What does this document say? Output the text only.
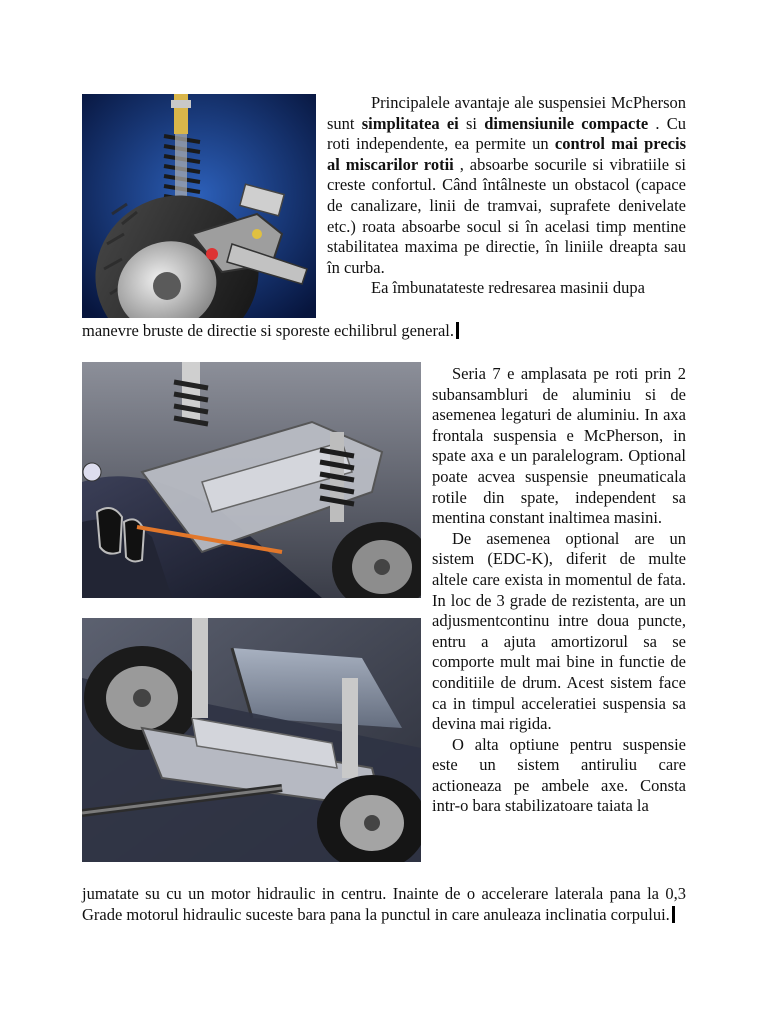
Principalele avantaje ale suspensiei McPherson sunt simplitatea ei si dimensiunile compacte . Cu roti independente, ea permite un control mai precis al miscarilor rotii , absoarbe socurile si vibratiile si creste confortul. Când întâlneste un obstacol (capace de canalizare, linii de tramvai, suprafete denivelate etc.) roata absoarbe socul si în acelasi timp mentine stabilitatea maxima pe directie, în liniile dreapta sau în curba.

Ea îmbunatateste redresarea masinii dupa

manevre bruste de directie si sporeste echilibrul general.

Seria 7 e amplasata pe roti prin 2 subansambluri de aluminiu si de asemenea legaturi de aluminiu. In axa frontala suspensia e McPherson, in spate axa e un paralelogram. Optional poate acvea suspensie pneumaticala rotile din spate, independent sa mentina constant inaltimea masini.

De asemenea optional are un sistem (EDC-K), diferit de multe altele care exista in momentul de fata. In loc de 3 grade de rezistenta, are un adjusmentcontinu intre doua puncte, entru a ajuta amortizorul sa se comporte mult mai bine in functie de conditiile de drum. Acest sistem face ca in timpul acceleratiei suspensia sa devina mai rigida.

O alta optiune pentru suspensie este un sistem antiruliu care actioneaza pe ambele axe. Consta intr-o bara stabilizatoare taiata la

jumatate su cu un motor hidraulic in centru. Inainte de o accelerare laterala pana la 0,3 Grade motorul hidraulic suceste bara pana la punctul in care anuleaza inclinatia corpului.
